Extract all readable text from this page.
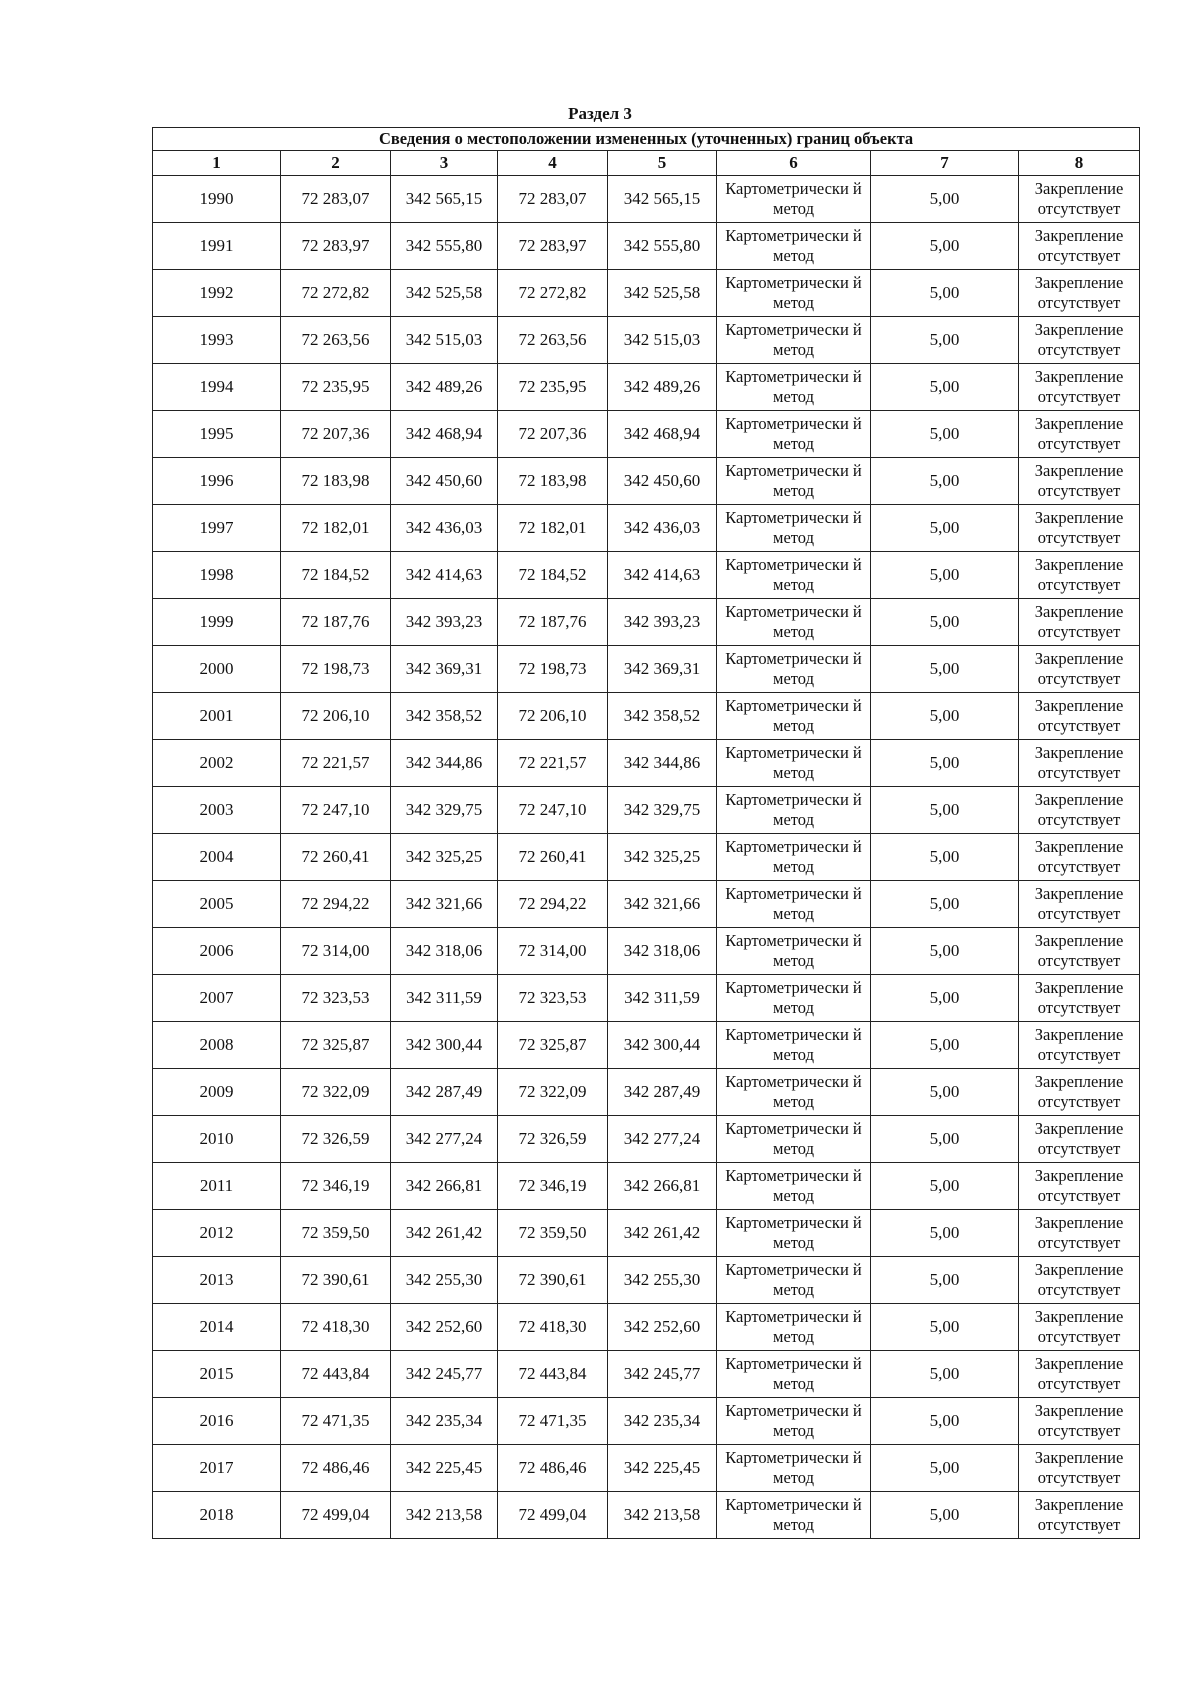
Раздел 3
Сведения о местоположении измененных (уточненных) границ объекта							
1	2	3	4	5	6	7	8
1990	72 283,07	342 565,15	72 283,07	342 565,15	Картометрически й метод	5,00	Закрепление отсутствует
1991	72 283,97	342 555,80	72 283,97	342 555,80	Картометрически й метод	5,00	Закрепление отсутствует
1992	72 272,82	342 525,58	72 272,82	342 525,58	Картометрически й метод	5,00	Закрепление отсутствует
1993	72 263,56	342 515,03	72 263,56	342 515,03	Картометрически й метод	5,00	Закрепление отсутствует
1994	72 235,95	342 489,26	72 235,95	342 489,26	Картометрически й метод	5,00	Закрепление отсутствует
1995	72 207,36	342 468,94	72 207,36	342 468,94	Картометрически й метод	5,00	Закрепление отсутствует
1996	72 183,98	342 450,60	72 183,98	342 450,60	Картометрически й метод	5,00	Закрепление отсутствует
1997	72 182,01	342 436,03	72 182,01	342 436,03	Картометрически й метод	5,00	Закрепление отсутствует
1998	72 184,52	342 414,63	72 184,52	342 414,63	Картометрически й метод	5,00	Закрепление отсутствует
1999	72 187,76	342 393,23	72 187,76	342 393,23	Картометрически й метод	5,00	Закрепление отсутствует
2000	72 198,73	342 369,31	72 198,73	342 369,31	Картометрически й метод	5,00	Закрепление отсутствует
2001	72 206,10	342 358,52	72 206,10	342 358,52	Картометрически й метод	5,00	Закрепление отсутствует
2002	72 221,57	342 344,86	72 221,57	342 344,86	Картометрически й метод	5,00	Закрепление отсутствует
2003	72 247,10	342 329,75	72 247,10	342 329,75	Картометрически й метод	5,00	Закрепление отсутствует
2004	72 260,41	342 325,25	72 260,41	342 325,25	Картометрически й метод	5,00	Закрепление отсутствует
2005	72 294,22	342 321,66	72 294,22	342 321,66	Картометрически й метод	5,00	Закрепление отсутствует
2006	72 314,00	342 318,06	72 314,00	342 318,06	Картометрически й метод	5,00	Закрепление отсутствует
2007	72 323,53	342 311,59	72 323,53	342 311,59	Картометрически й метод	5,00	Закрепление отсутствует
2008	72 325,87	342 300,44	72 325,87	342 300,44	Картометрически й метод	5,00	Закрепление отсутствует
2009	72 322,09	342 287,49	72 322,09	342 287,49	Картометрически й метод	5,00	Закрепление отсутствует
2010	72 326,59	342 277,24	72 326,59	342 277,24	Картометрически й метод	5,00	Закрепление отсутствует
2011	72 346,19	342 266,81	72 346,19	342 266,81	Картометрически й метод	5,00	Закрепление отсутствует
2012	72 359,50	342 261,42	72 359,50	342 261,42	Картометрически й метод	5,00	Закрепление отсутствует
2013	72 390,61	342 255,30	72 390,61	342 255,30	Картометрически й метод	5,00	Закрепление отсутствует
2014	72 418,30	342 252,60	72 418,30	342 252,60	Картометрически й метод	5,00	Закрепление отсутствует
2015	72 443,84	342 245,77	72 443,84	342 245,77	Картометрически й метод	5,00	Закрепление отсутствует
2016	72 471,35	342 235,34	72 471,35	342 235,34	Картометрически й метод	5,00	Закрепление отсутствует
2017	72 486,46	342 225,45	72 486,46	342 225,45	Картометрически й метод	5,00	Закрепление отсутствует
2018	72 499,04	342 213,58	72 499,04	342 213,58	Картометрически й метод	5,00	Закрепление отсутствует
